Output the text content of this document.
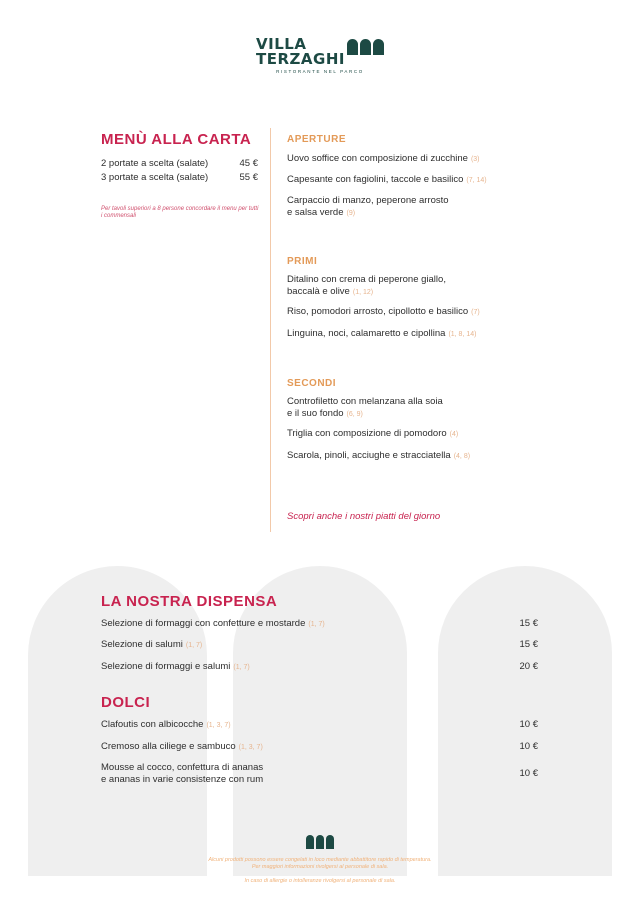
VILLA
TERZAGHI
RISTORANTE NEL PARCO
MENÙ ALLA CARTA
2 portate a scelta (salate)	45 €
3 portate a scelta (salate)	55 €
Per tavoli superiori a 8 persone concordare il menu per tutti i commensali
APERTURE
Uovo soffice con composizione di zucchine (3)
Capesante con fagiolini, taccole e basilico (7, 14)
Carpaccio di manzo, peperone arrosto
e salsa verde (9)
PRIMI
Ditalino con crema di peperone giallo,
baccalà e olive (1, 12)
Riso, pomodori arrosto, cipollotto e basilico (7)
Linguina, noci, calamaretto e cipollina (1, 8, 14)
SECONDI
Controfiletto con melanzana alla soia
e il suo fondo (6, 9)
Triglia con composizione di pomodoro (4)
Scarola, pinoli, acciughe e stracciatella (4, 8)
Scopri anche i nostri piatti del giorno
LA NOSTRA DISPENSA
Selezione di formaggi con confetture e mostarde (1, 7)	15 €
Selezione di salumi (1, 7)	15 €
Selezione di formaggi e salumi (1, 7)	20 €
DOLCI
Clafoutis con albicocche (1, 3, 7)	10 €
Cremoso alla ciliege e sambuco (1, 3, 7)	10 €
Mousse al cocco, confettura di ananas
e ananas in varie consistenze con rum
10 €
Alcuni prodotti possono essere congelati in loco mediante abbattitore rapido di temperatura.
Per maggiori informazioni rivolgersi al personale di sala.
In caso di allergie o intolleranze rivolgersi al personale di sala.
